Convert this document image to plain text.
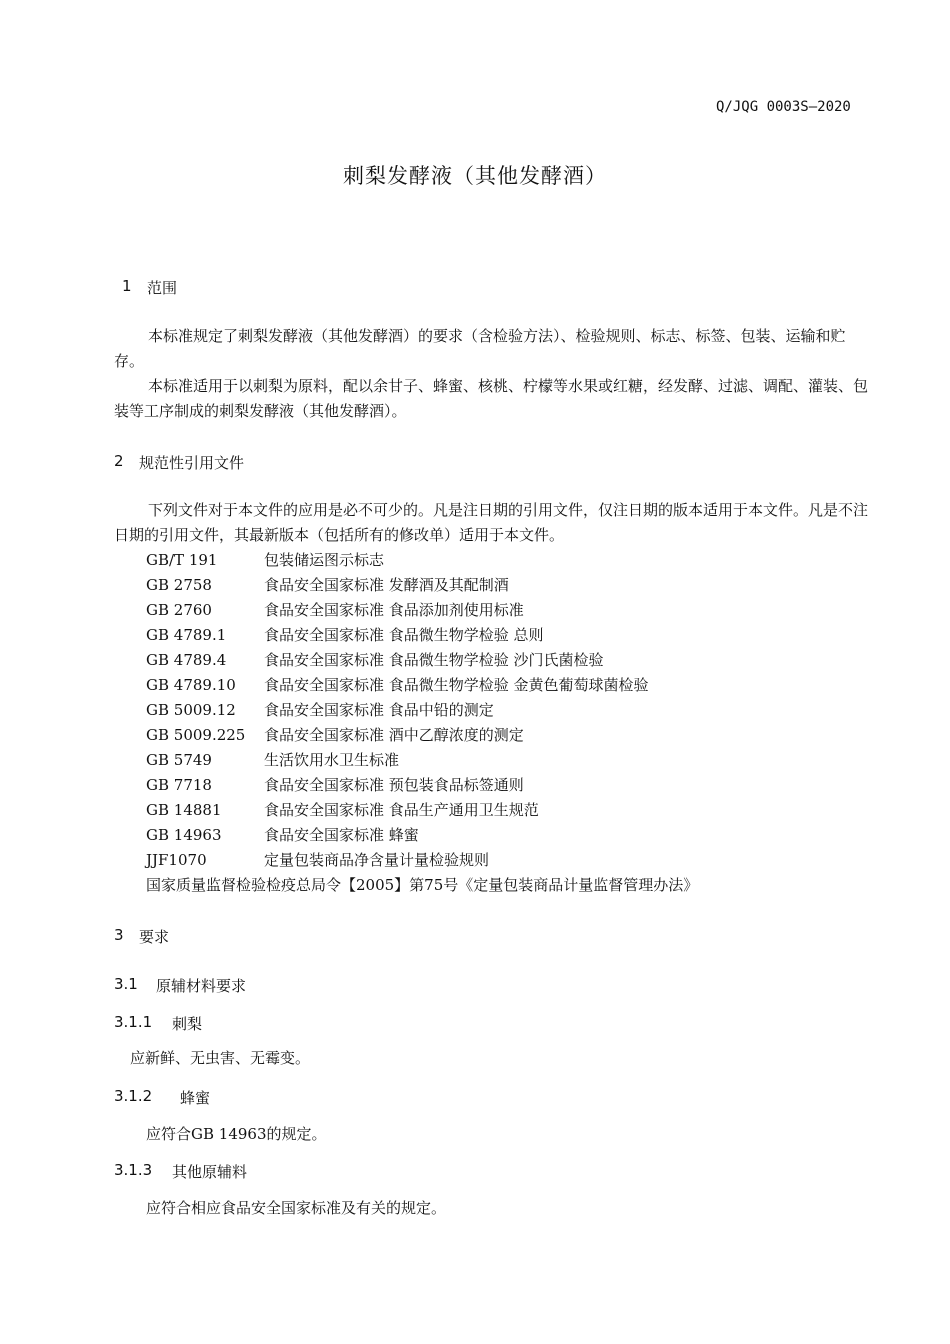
Q/JQG 0003S—2020
刺梨发酵液（其他发酵酒）
1 范围
本标准规定了刺梨发酵液（其他发酵酒）的要求（含检验方法）、检验规则、标志、标签、包装、运输和贮存。
本标准适用于以刺梨为原料，配以余甘子、蜂蜜、核桃、柠檬等水果或红糖，经发酵、过滤、调配、灌装、包装等工序制成的刺梨发酵液（其他发酵酒）。
2 规范性引用文件
下列文件对于本文件的应用是必不可少的。凡是注日期的引用文件，仅注日期的版本适用于本文件。凡是不注日期的引用文件，其最新版本（包括所有的修改单）适用于本文件。
GB/T 191	包装储运图示标志
GB 2758	食品安全国家标准 发酵酒及其配制酒
GB 2760	食品安全国家标准 食品添加剂使用标准
GB 4789.1	食品安全国家标准 食品微生物学检验 总则
GB 4789.4	食品安全国家标准 食品微生物学检验 沙门氏菌检验
GB 4789.10 食品安全国家标准 食品微生物学检验 金黄色葡萄球菌检验
GB 5009.12 食品安全国家标准 食品中铅的测定
GB 5009.225 食品安全国家标准 酒中乙醇浓度的测定
GB 5749	生活饮用水卫生标准
GB 7718	食品安全国家标准 预包装食品标签通则
GB 14881	食品安全国家标准 食品生产通用卫生规范
GB 14963	食品安全国家标准 蜂蜜
JJF1070	定量包装商品净含量计量检验规则
国家质量监督检验检疫总局令【2005】第75号《定量包装商品计量监督管理办法》
3 要求
3.1 原辅材料要求
3.1.1 刺梨
应新鲜、无虫害、无霉变。
3.1.2 蜂蜜
应符合GB 14963的规定。
3.1.3 其他原辅料
应符合相应食品安全国家标准及有关的规定。
